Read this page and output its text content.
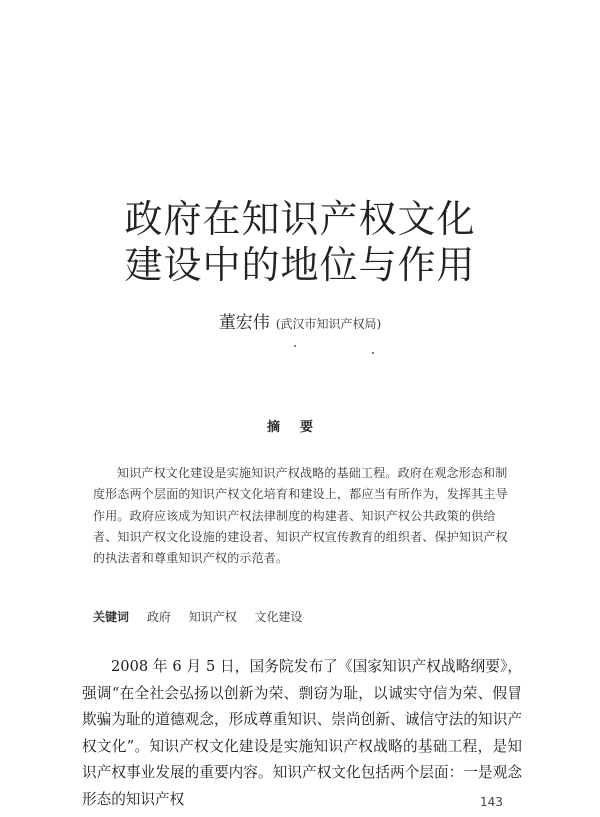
政府在知识产权文化
建设中的地位与作用
董宏伟 (武汉市知识产权局)
摘要
知识产权文化建设是实施知识产权战略的基础工程。政府在观念形态和制度形态两个层面的知识产权文化培育和建设上，都应当有所作为，发挥其主导作用。政府应该成为知识产权法律制度的构建者、知识产权公共政策的供给者、知识产权文化设施的建设者、知识产权宣传教育的组织者、保护知识产权的执法者和尊重知识产权的示范者。
关键词 政府 知识产权 文化建设
2008 年 6 月 5 日，国务院发布了《国家知识产权战略纲要》，强调“在全社会弘扬以创新为荣、剽窃为耻，以诚实守信为荣、假冒欺骗为耻的道德观念，形成尊重知识、崇尚创新、诚信守法的知识产权文化”。知识产权文化建设是实施知识产权战略的基础工程，是知识产权事业发展的重要内容。知识产权文化包括两个层面：一是观念形态的知识产权	143
